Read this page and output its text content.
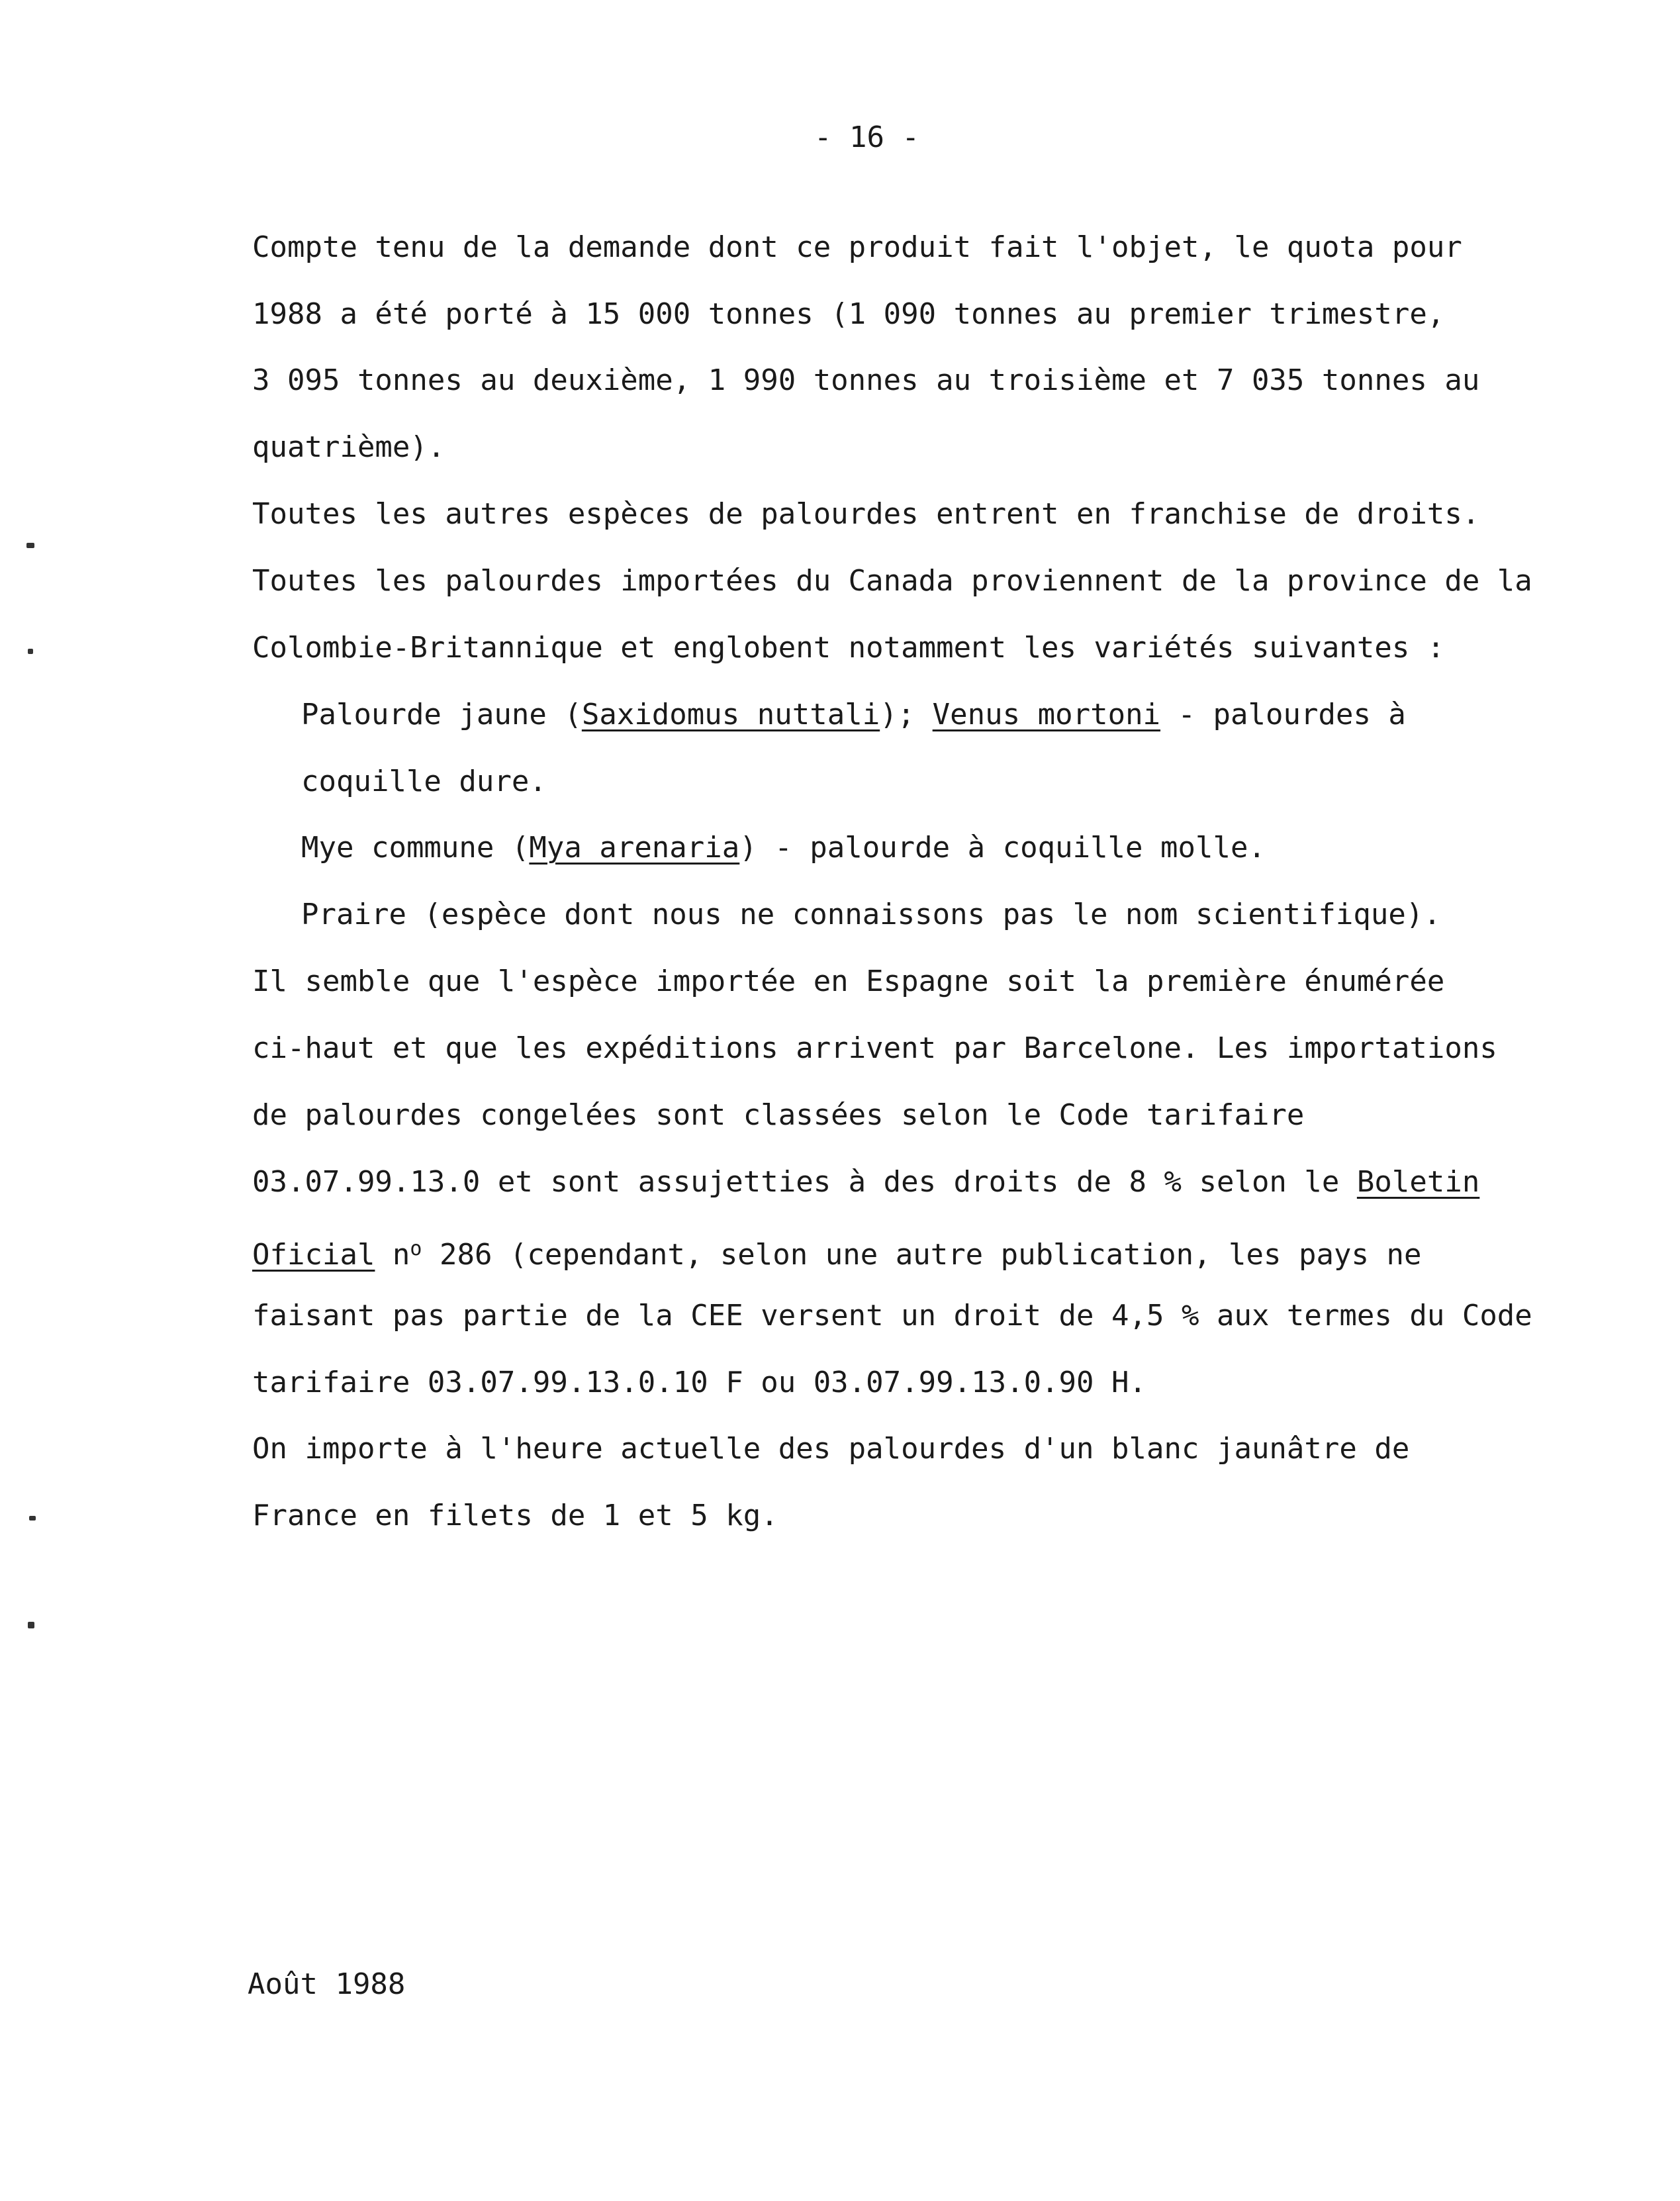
- 16 -
Compte tenu de la demande dont ce produit fait l'objet, le quota pour
1988 a été porté à 15 000 tonnes (1 090 tonnes au premier trimestre,
3 095 tonnes au deuxième, 1 990 tonnes au troisième et 7 035 tonnes au
quatrième).
Toutes les autres espèces de palourdes entrent en franchise de droits.
Toutes les palourdes importées du Canada proviennent de la province de la
Colombie-Britannique et englobent notamment les variétés suivantes :
Palourde jaune (Saxidomus nuttali); Venus mortoni - palourdes à
coquille dure.
Mye commune (Mya arenaria) - palourde à coquille molle.
Praire (espèce dont nous ne connaissons pas le nom scientifique).
Il semble que l'espèce importée en Espagne soit la première énumérée
ci-haut et que les expéditions arrivent par Barcelone. Les importations
de palourdes congelées sont classées selon le Code tarifaire
03.07.99.13.0 et sont assujetties à des droits de 8 % selon le Boletin
Oficial $n^o$ 286 (cependant, selon une autre publication, les pays ne
faisant pas partie de la CEE versent un droit de 4,5 % aux termes du Code
tarifaire 03.07.99.13.0.10 F ou 03.07.99.13.0.90 H.
On importe à l'heure actuelle des palourdes d'un blanc jaunâtre de
France en filets de 1 et 5 kg.
Août 1988
